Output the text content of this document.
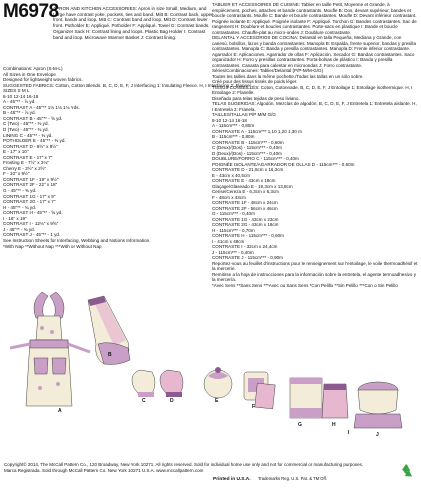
M6978
APRON AND KITCHEN ACCESSORIES: Apron in size Small, Medium, and Large have contrast yoke, pockets, ties and band. Mitt B: Contrast back, upper front, bands and loop. Mitt C: Contrast band and loop. Mitt D: Contrast lower front. Potholder E: Appliqué. Potholder F: Appliqué. Towel G: Contrast bands. Organizer Sack H: Contrast lining and loops. Plastic Bag Holder I: Contrast band and loop. Microwave Warmer Basket J: Contrast lining.
Combinations: Apron (S-M-L)
All Sizes in One Envelope
Designed for lightweight woven fabrics.
SUGGESTED FABRICS: Cotton, Cotton Blends. B, C, D, E, F, J Interfacing 1: Insulating Fleece. H, I Interfacing 2: Flannel.
SIZES S M L
8-10 12-14 16-18
A - 45"** - ⅞ yd.
CONTRAST A - 45"** 1⅛ 1⅛ 1⅛ Yds.
B - 45"** - ⅞ yd.
CONTRAST B - 45"** - ⅝ yd.
C (Two) - 45"** - ⅜ yd.
D (Two) - 45"** - ⅜ yd.
LINING C - 45"** - ⅜ yd.
POTHOLDER E - 45"** - ⅜ yd.
CONTRAST D - 8½" x 8½"
E - 17" x 10"
CONTRAST E - 17" x 7"
Frosting E - 7½" x 3⅛"
Cherry E - 2½" x 2½"
F - 10" x 9½"
CONTRAST 1F - 19" x 9½"
CONTRAST 2F - 22" x 18"
G - 45"** - ⅜ yd.
CONTRAST 1G - 17" x 9"
CONTRAST 2G - 17" x 7"
H - 45"** - ¾ yd.
CONTRAST H - 45"** - ⅝ yd.
I - 16" x 19"
CONTRAST I - 12⅛" x 9⅝"
J - 45"** - ⅜ yd.
CONTRAST J - 45"** - 1 yd.
See Instruction Sheets for Interfacing, Webbing and Notions Information.
*With Nap **Without Nap ***With or Without Nap
TABLIER ET ACCESSOIRES DE CUISINE: Tablier en taille Petit, Moyenne et Grande, à empiècement, poches, attaches et bande contrastants. Moufle B: Dos, devant supérieur, bandes et boucle contrastants. Moufle C: Bande et boucle contrastantes. Moufle D: Devant inférieur contrastant. Poignée isolante E: Appliqué. Poignée isolante F: Appliqué. Torchon G: Bandes contrastantes. Sac de rangement H: Doublure et boucles contrastantes. Porte-sacs en plastique I: Bande et boucle contrastantes. Chauffe-plat au micro-ondes J: Doublure contrastante.
DELANTAL Y ACCESORIOS DE COCINA: Delantal en talla Pequeña, Mediana y Grande, con canesú, bolsillos, lazos y banda contrastantes. Manopla B: Espalda, frente superior, bandas y presilla contrastantes. Manopla C: Banda y presilla contrastantes. Manopla D: Frente inferior contrastante. Agarrador E: Aplicaciones. Agarrador de ollas F: Aplicación. Secador G: Bandas contrastantes. Saco organizador H: Forro y presillas contrastantes. Porta-bolsas de plástico I: Banda y presilla contrastantes. Canasta para calentar en microondas J: Forro contrastante.
Séries/Combinaciones: Tablier/Delantal (P/P-M/M-G/G)
Toutes les tailles dans la même pochette./Todas las tallas en un sólo sobre.
Créé pour des tissus tissés de poids léger.
TISSUS CONSEILLÉS: Coton, Cotonnade. B, C, D, E, F, J Entoilage 1: Entoilage isothermique. H, I Entoilage 2: Flanelle.
Diseñado para telas tejidas de peso liviano.
TELAS SUGERIDAS: Algodón, Mezclas de algodón. B, C, D, E, F, J Entretela 1: Entretela aislante. H, I Entretela 2: Franela.
TAILLES/TALLAS P/P M/M G/G
8-10 12-14 16-18
A - 115cm*** - 0,80m
CONTRASTE A - 115cm*** 1,10 1,20 1,30 m
B - 115cm*** - 0,80m
CONTRASTE B - 115cm*** - 0,60m
C (Deux)/(Dos) - 115cm*** - 0,40m
D (Deux)/(Dos) - 115cm*** - 0,40m
DOUBLURE/FORRO C - 115cm*** - 0,40m
POIGNÉE ISOLANTE/AGARRADOR DE OLLAS D - 115cm*** - 0,60m
CONTRASTE D - 21,8cm x 16,3cm
E - 43cm x 40,5cm
CONTRASTE E - 43cm x 18cm
Glaçage/Glaseado E - 19,3cm x 13,8cm
Cerise/Cereza E - 6,3cm x 6,3cm
F - 48cm x 43cm
CONTRASTE 1F - 48cm x 24cm
CONTRASTE 2F - 56cm x 46cm
G - 115cm*** - 0,40m
CONTRASTE 1G - 43cm x 23cm
CONTRASTE 2G - 43cm x 18cm
H - 115cm*** - 0,70m
CONTRASTE H - 115cm*** - 0,60m
I - 41cm x 48cm
CONTRASTE I - 32cm x 24,4cm
J - 115cm*** - 0,40m
CONTRASTE J - 115cm*** - 0,90m
Reportez-vous au feuillet d'instructions pour le renseignement sur l'entoilage, le voile thermoadhésif et la mercerie.
Remitirse a la hoja de instrucciones para la información sobre la entretela, el agente termoadhesivo y la mercería.
*Avec Sens **Sans Sens ***Avec ou Sans Sens *Con Pelillo **Sin Pelillo ***Con o Sin Pelillo
A
B
C	D	E
F
G	H
I	J
Copyright© 2014, The McCall Pattern Co., 120 Broadway, New York 10271. All rights reserved. Sold for individual home use only and not for commercial or manufacturing purposes.
Marca Registrada. Sold through McCall Pattern Co. New York 10271 U.S.A. www.mccallpattern.com
Printed in U.S.A. Trademarks Reg. U.S. Pat. & TM Off.
